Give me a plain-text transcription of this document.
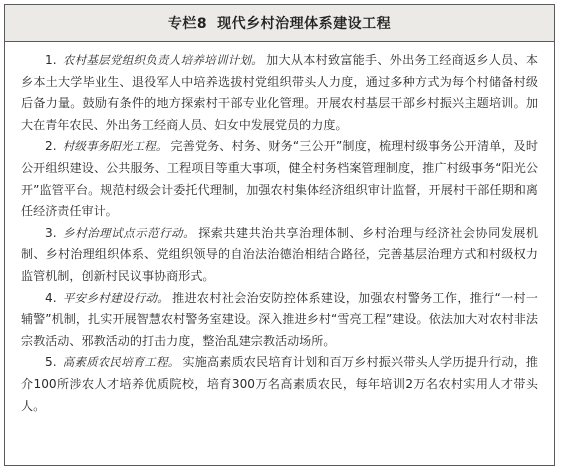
专栏8 现代乡村治理体系建设工程

1. 农村基层党组织负责人培养培训计划。 加大从本村致富能手、外出务工经商返乡人员、本乡本土大学毕业生、退役军人中培养选拔村党组织带头人力度，通过多种方式为每个村储备村级后备力量。鼓励有条件的地方探索村干部专业化管理。开展农村基层干部乡村振兴主题培训。加大在青年农民、外出务工经商人员、妇女中发展党员的力度。

2. 村级事务阳光工程。 完善党务、村务、财务“三公开”制度，梳理村级事务公开清单，及时公开组织建设、公共服务、工程项目等重大事项，健全村务档案管理制度，推广村级事务“阳光公开”监管平台。规范村级会计委托代理制，加强农村集体经济组织审计监督，开展村干部任期和离任经济责任审计。

3. 乡村治理试点示范行动。 探索共建共治共享治理体制、乡村治理与经济社会协同发展机制、乡村治理组织体系、党组织领导的自治法治德治相结合路径，完善基层治理方式和村级权力监管机制，创新村民议事协商形式。

4. 平安乡村建设行动。 推进农村社会治安防控体系建设，加强农村警务工作，推行“一村一辅警”机制，扎实开展智慧农村警务室建设。深入推进乡村“雪亮工程”建设。依法加大对农村非法宗教活动、邪教活动的打击力度，整治乱建宗教活动场所。

5. 高素质农民培育工程。 实施高素质农民培育计划和百万乡村振兴带头人学历提升行动，推介100所涉农人才培养优质院校，培育300万名高素质农民，每年培训2万名农村实用人才带头人。
